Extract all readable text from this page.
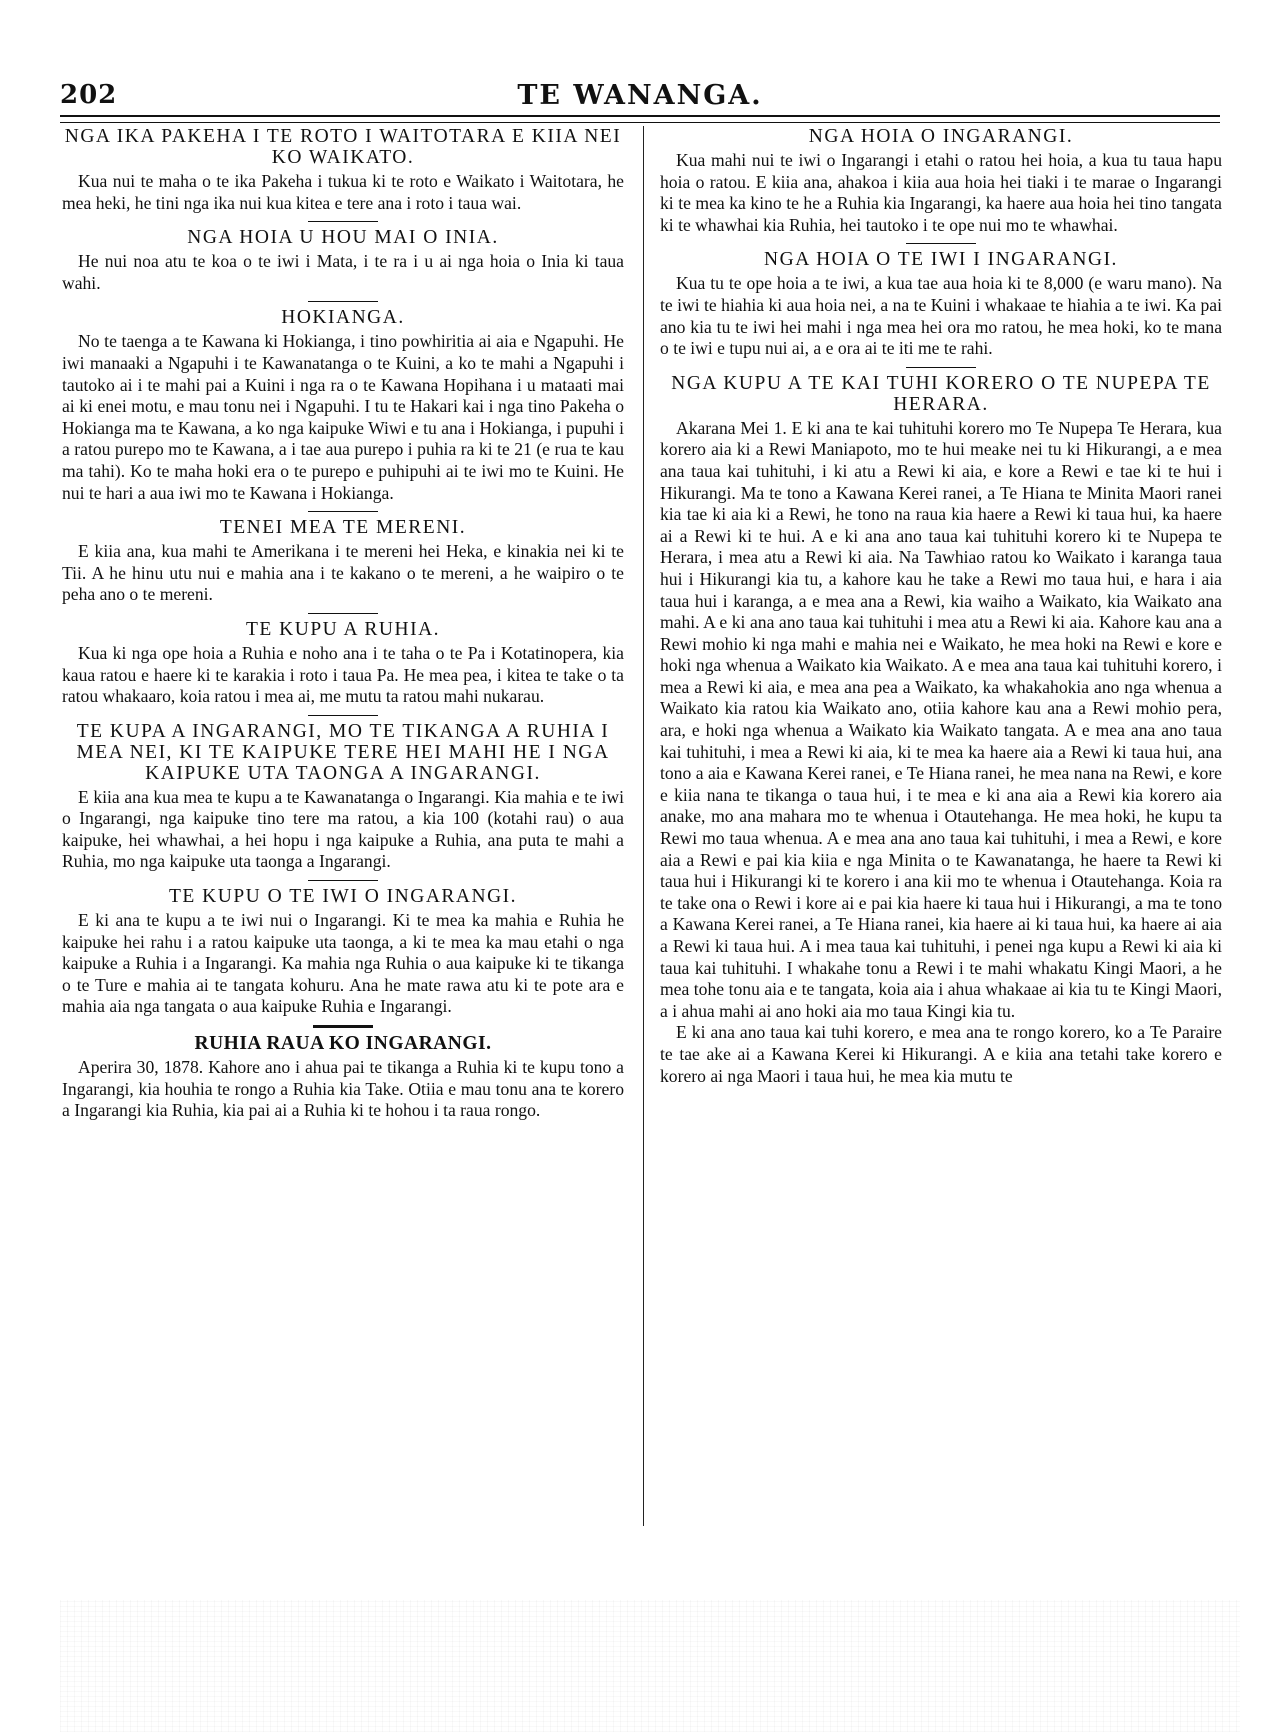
202	TE WANANGA.
NGA IKA PAKEHA I TE ROTO I WAITOTARA E KIIA NEI KO WAIKATO.

Kua nui te maha o te ika Pakeha i tukua ki te roto e Waikato i Waitotara, he mea heki, he tini nga ika nui kua kitea e tere ana i roto i taua wai.

NGA HOIA U HOU MAI O INIA.

He nui noa atu te koa o te iwi i Mata, i te ra i u ai nga hoia o Inia ki taua wahi.

HOKIANGA.

No te taenga a te Kawana ki Hokianga, i tino powhiritia ai aia e Ngapuhi. He iwi manaaki a Ngapuhi i te Kawanatanga o te Kuini, a ko te mahi a Ngapuhi i tautoko ai i te mahi pai a Kuini i nga ra o te Kawana Hopihana i u mataati mai ai ki enei motu, e mau tonu nei i Ngapuhi. I tu te Hakari kai i nga tino Pakeha o Hokianga ma te Kawana, a ko nga kaipuke Wiwi e tu ana i Hokianga, i pupuhi i a ratou purepo mo te Kawana, a i tae aua purepo i puhia ra ki te 21 (e rua te kau ma tahi). Ko te maha hoki era o te purepo e puhipuhi ai te iwi mo te Kuini. He nui te hari a aua iwi mo te Kawana i Hokianga.

TENEI MEA TE MERENI.

E kiia ana, kua mahi te Amerikana i te mereni hei Heka, e kinakia nei ki te Tii. A he hinu utu nui e mahia ana i te kakano o te mereni, a he waipiro o te peha ano o te mereni.

TE KUPU A RUHIA.

Kua ki nga ope hoia a Ruhia e noho ana i te taha o te Pa i Kotatinopera, kia kaua ratou e haere ki te karakia i roto i taua Pa. He mea pea, i kitea te take o ta ratou whakaaro, koia ratou i mea ai, me mutu ta ratou mahi nukarau.

TE KUPA A INGARANGI, MO TE TIKANGA A RUHIA I MEA NEI, KI TE KAIPUKE TERE HEI MAHI HE I NGA KAIPUKE UTA TAONGA A INGARANGI.

E kiia ana kua mea te kupu a te Kawanatanga o Ingarangi. Kia mahia e te iwi o Ingarangi, nga kaipuke tino tere ma ratou, a kia 100 (kotahi rau) o aua kaipuke, hei whawhai, a hei hopu i nga kaipuke a Ruhia, ana puta te mahi a Ruhia, mo nga kaipuke uta taonga a Ingarangi.

TE KUPU O TE IWI O INGARANGI.

E ki ana te kupu a te iwi nui o Ingarangi. Ki te mea ka mahia e Ruhia he kaipuke hei rahu i a ratou kaipuke uta taonga, a ki te mea ka mau etahi o nga kaipuke a Ruhia i a Ingarangi. Ka mahia nga Ruhia o aua kaipuke ki te tikanga o te Ture e mahia ai te tangata kohuru. Ana he mate rawa atu ki te pote ara e mahia aia nga tangata o aua kaipuke Ruhia e Ingarangi.

RUHIA RAUA KO INGARANGI.

Aperira 30, 1878. Kahore ano i ahua pai te tikanga a Ruhia ki te kupu tono a Ingarangi, kia houhia te rongo a Ruhia kia Take. Otiia e mau tonu ana te korero a Ingarangi kia Ruhia, kia pai ai a Ruhia ki te hohou i ta raua rongo.

NGA HOIA O INGARANGI.

Kua mahi nui te iwi o Ingarangi i etahi o ratou hei hoia, a kua tu taua hapu hoia o ratou. E kiia ana, ahakoa i kiia aua hoia hei tiaki i te marae o Ingarangi ki te mea ka kino te he a Ruhia kia Ingarangi, ka haere aua hoia hei tino tangata ki te whawhai kia Ruhia, hei tautoko i te ope nui mo te whawhai.

NGA HOIA O TE IWI I INGARANGI.

Kua tu te ope hoia a te iwi, a kua tae aua hoia ki te 8,000 (e waru mano). Na te iwi te hiahia ki aua hoia nei, a na te Kuini i whakaae te hiahia a te iwi. Ka pai ano kia tu te iwi hei mahi i nga mea hei ora mo ratou, he mea hoki, ko te mana o te iwi e tupu nui ai, a e ora ai te iti me te rahi.

NGA KUPU A TE KAI TUHI KORERO O TE NUPEPA TE HERARA.

Akarana Mei 1. E ki ana te kai tuhituhi korero mo Te Nupepa Te Herara, kua korero aia ki a Rewi Maniapoto, mo te hui meake nei tu ki Hikurangi, a e mea ana taua kai tuhituhi, i ki atu a Rewi ki aia, e kore a Rewi e tae ki te hui i Hikurangi. Ma te tono a Kawana Kerei ranei, a Te Hiana te Minita Maori ranei kia tae ki aia ki a Rewi, he tono na raua kia haere a Rewi ki taua hui, ka haere ai a Rewi ki te hui. A e ki ana ano taua kai tuhituhi korero ki te Nupepa te Herara, i mea atu a Rewi ki aia. Na Tawhiao ratou ko Waikato i karanga taua hui i Hikurangi kia tu, a kahore kau he take a Rewi mo taua hui, e hara i aia taua hui i karanga, a e mea ana a Rewi, kia waiho a Waikato, kia Waikato ana mahi. A e ki ana ano taua kai tuhituhi i mea atu a Rewi ki aia. Kahore kau ana a Rewi mohio ki nga mahi e mahia nei e Waikato, he mea hoki na Rewi e kore e hoki nga whenua a Waikato kia Waikato. A e mea ana taua kai tuhituhi korero, i mea a Rewi ki aia, e mea ana pea a Waikato, ka whakahokia ano nga whenua a Waikato kia ratou kia Waikato ano, otiia kahore kau ana a Rewi mohio pera, ara, e hoki nga whenua a Waikato kia Waikato tangata. A e mea ana ano taua kai tuhituhi, i mea a Rewi ki aia, ki te mea ka haere aia a Rewi ki taua hui, ana tono a aia e Kawana Kerei ranei, e Te Hiana ranei, he mea nana na Rewi, e kore e kiia nana te tikanga o taua hui, i te mea e ki ana aia a Rewi kia korero aia anake, mo ana mahara mo te whenua i Otautehanga. He mea hoki, he kupu ta Rewi mo taua whenua. A e mea ana ano taua kai tuhituhi, i mea a Rewi, e kore aia a Rewi e pai kia kiia e nga Minita o te Kawanatanga, he haere ta Rewi ki taua hui i Hikurangi ki te korero i ana kii mo te whenua i Otautehanga. Koia ra te take ona o Rewi i kore ai e pai kia haere ki taua hui i Hikurangi, a ma te tono a Kawana Kerei ranei, a Te Hiana ranei, kia haere ai ki taua hui, ka haere ai aia a Rewi ki taua hui. A i mea taua kai tuhituhi, i penei nga kupu a Rewi ki aia ki taua kai tuhituhi. I whakahe tonu a Rewi i te mahi whakatu Kingi Maori, a he mea tohe tonu aia e te tangata, koia aia i ahua whakaae ai kia tu te Kingi Maori, a i ahua mahi ai ano hoki aia mo taua Kingi kia tu.

E ki ana ano taua kai tuhi korero, e mea ana te rongo korero, ko a Te Paraire te tae ake ai a Kawana Kerei ki Hikurangi. A e kiia ana tetahi take korero e korero ai nga Maori i taua hui, he mea kia mutu te
